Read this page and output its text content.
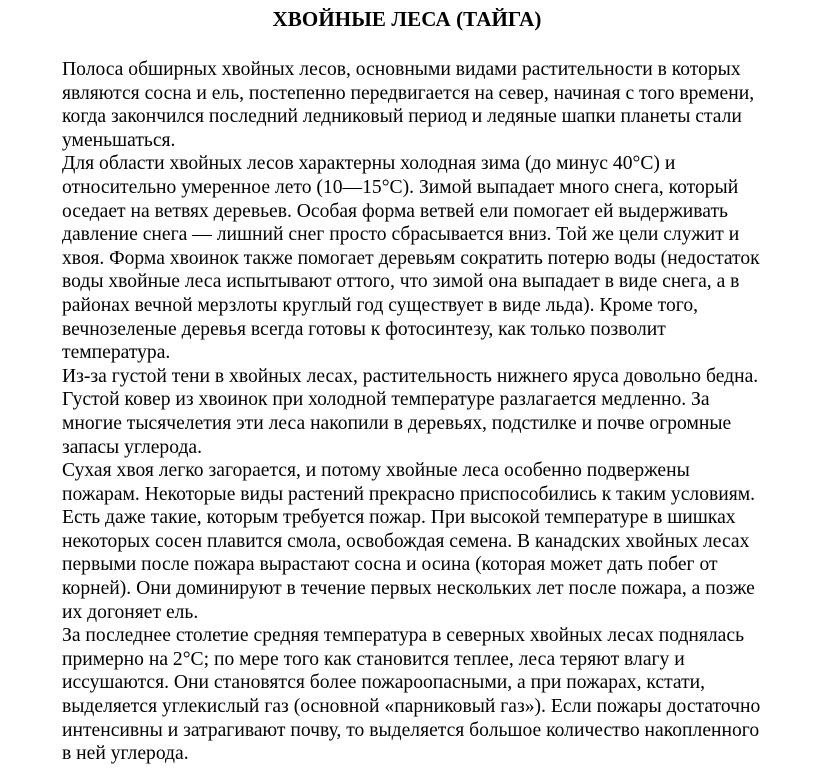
ХВОЙНЫЕ ЛЕСА (ТАЙГА)

Полоса обширных хвойных лесов, основными видами растительности в которых
являются сосна и ель, постепенно передвигается на север, начиная с того времени,
когда закончился последний ледниковый период и ледяные шапки планеты стали
уменьшаться.

Для области хвойных лесов характерны холодная зима (до минус 40°С) и
относительно умеренное лето (10—15°С). Зимой выпадает много снега, который
оседает на ветвях деревьев. Особая форма ветвей ели помогает ей выдерживать
давление снега — лишний снег просто сбрасывается вниз. Той же цели служит и
хвоя. Форма хвоинок также помогает деревьям сократить потерю воды (недостаток
воды хвойные леса испытывают оттого, что зимой она выпадает в виде снега, а в
районах вечной мерзлоты круглый год существует в виде льда). Кроме того,
вечнозеленые деревья всегда готовы к фотосинтезу, как только позволит
температура.

Из-за густой тени в хвойных лесах, растительность нижнего яруса довольно бедна.
Густой ковер из хвоинок при холодной температуре разлагается медленно. За
многие тысячелетия эти леса накопили в деревьях, подстилке и почве огромные
запасы углерода.

Сухая хвоя легко загорается, и потому хвойные леса особенно подвержены
пожарам. Некоторые виды растений прекрасно приспособились к таким условиям.
Есть даже такие, которым требуется пожар. При высокой температуре в шишках
некоторых сосен плавится смола, освобождая семена. В канадских хвойных лесах
первыми после пожара вырастают сосна и осина (которая может дать побег от
корней). Они доминируют в течение первых нескольких лет после пожара, а позже
их догоняет ель.

За последнее столетие средняя температура в северных хвойных лесах поднялась
примерно на 2°С; по мере того как становится теплее, леса теряют влагу и
иссушаются. Они становятся более пожароопасными, а при пожарах, кстати,
выделяется углекислый газ (основной «парниковый газ»). Если пожары достаточно
интенсивны и затрагивают почву, то выделяется большое количество накопленного
в ней углерода.
